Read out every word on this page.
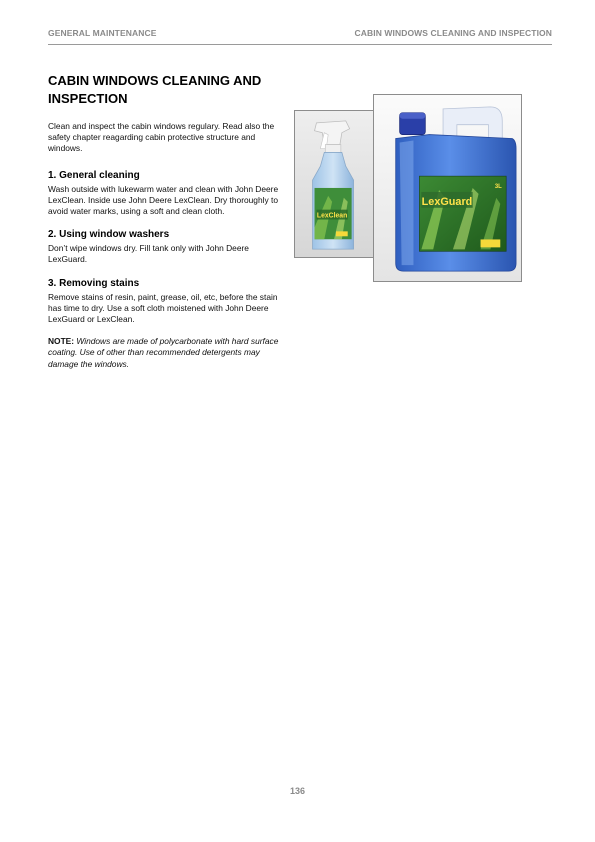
GENERAL MAINTENANCE	CABIN WINDOWS CLEANING AND INSPECTION
CABIN WINDOWS CLEANING AND INSPECTION

Clean and inspect the cabin windows regulary. Read also the safety chapter reagarding cabin protective structure and windows.

1. General cleaning

Wash outside with lukewarm water and clean with John Deere LexClean. Inside use John Deere LexClean. Dry thoroughly to avoid water marks, using a soft and clean cloth.

2. Using window washers

Don’t wipe windows dry. Fill tank only with John Deere LexGuard.

3. Removing stains

Remove stains of resin, paint, grease, oil, etc, before the stain has time to dry. Use a soft cloth moistened with John Deere LexGuard or LexClean.

NOTE: Windows are made of polycarbonate with hard surface coating. Use of other than recommended detergents may damage the windows.

LexClean
LexGuard
3L
136
